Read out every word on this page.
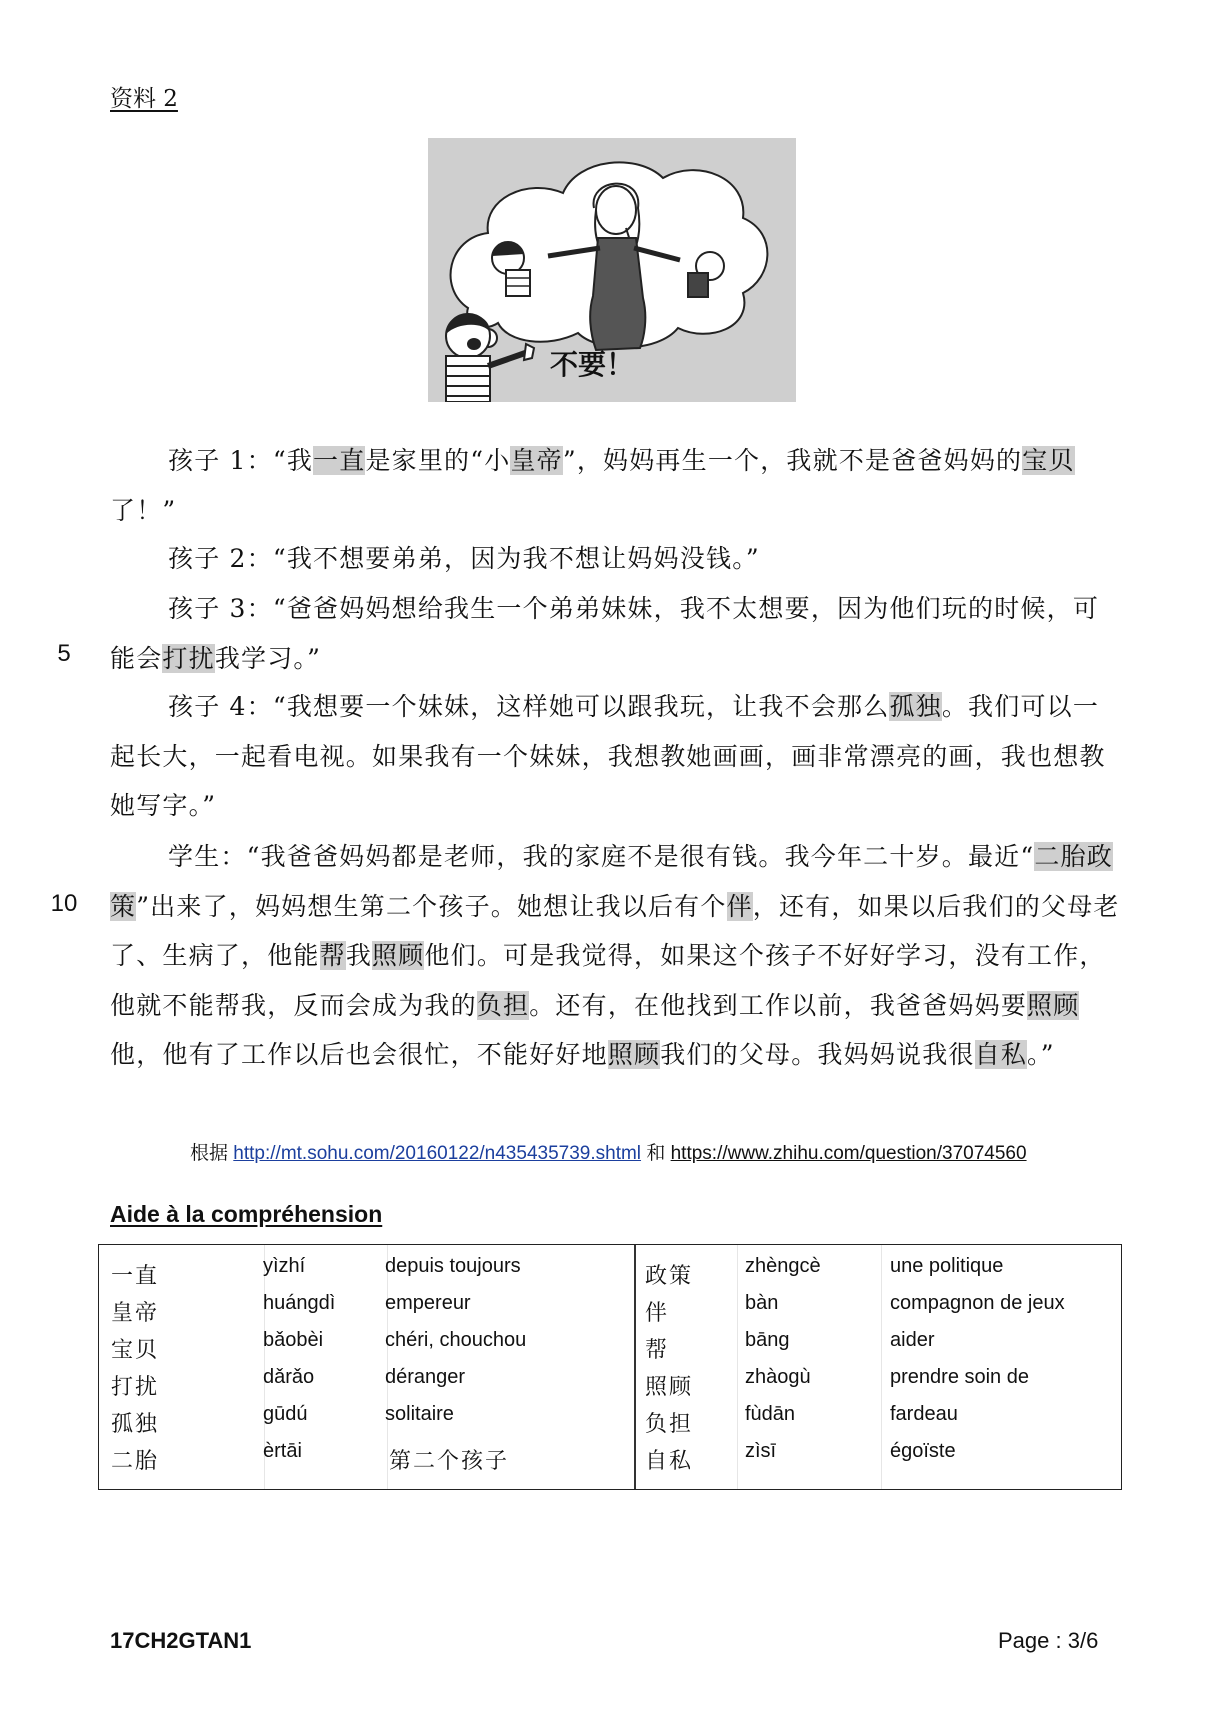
资料 2
不要！
孩子 1：“我一直是家里的“小皇帝”，妈妈再生一个，我就不是爸爸妈妈的宝贝了！”
孩子 2：“我不想要弟弟，因为我不想让妈妈没钱。”
孩子 3：“爸爸妈妈想给我生一个弟弟妹妹，我不太想要，因为他们玩的时候，可能会打扰我学习。”
孩子 4：“我想要一个妹妹，这样她可以跟我玩，让我不会那么孤独。我们可以一起长大，一起看电视。如果我有一个妹妹，我想教她画画，画非常漂亮的画，我也想教她写字。”
学生：“我爸爸妈妈都是老师，我的家庭不是很有钱。我今年二十岁。最近“二胎政策”出来了，妈妈想生第二个孩子。她想让我以后有个伴，还有，如果以后我们的父母老了、生病了，他能帮我照顾他们。可是我觉得，如果这个孩子不好好学习，没有工作，他就不能帮我，反而会成为我的负担。还有，在他找到工作以前，我爸爸妈妈要照顾他，他有了工作以后也会很忙，不能好好地照顾我们的父母。我妈妈说我很自私。”
5
10
根据 http://mt.sohu.com/20160122/n435435739.shtml 和 https://www.zhihu.com/question/37074560
Aide à la compréhension
一直	yìzhí	depuis toujours
皇帝	huángdì empereur
宝贝	bǎobèi	chéri, chouchou
打扰	dǎrǎo	déranger
孤独	gūdú	solitaire
二胎	èrtāi	第二个孩子
政策	zhèngcè	une politique
伴	bàn	compagnon de jeux
帮	bāng	aider
照顾	zhàogù	prendre soin de
负担	fùdān	fardeau
自私	zìsī	égoïste
17CH2GTAN1	Page : 3/6
